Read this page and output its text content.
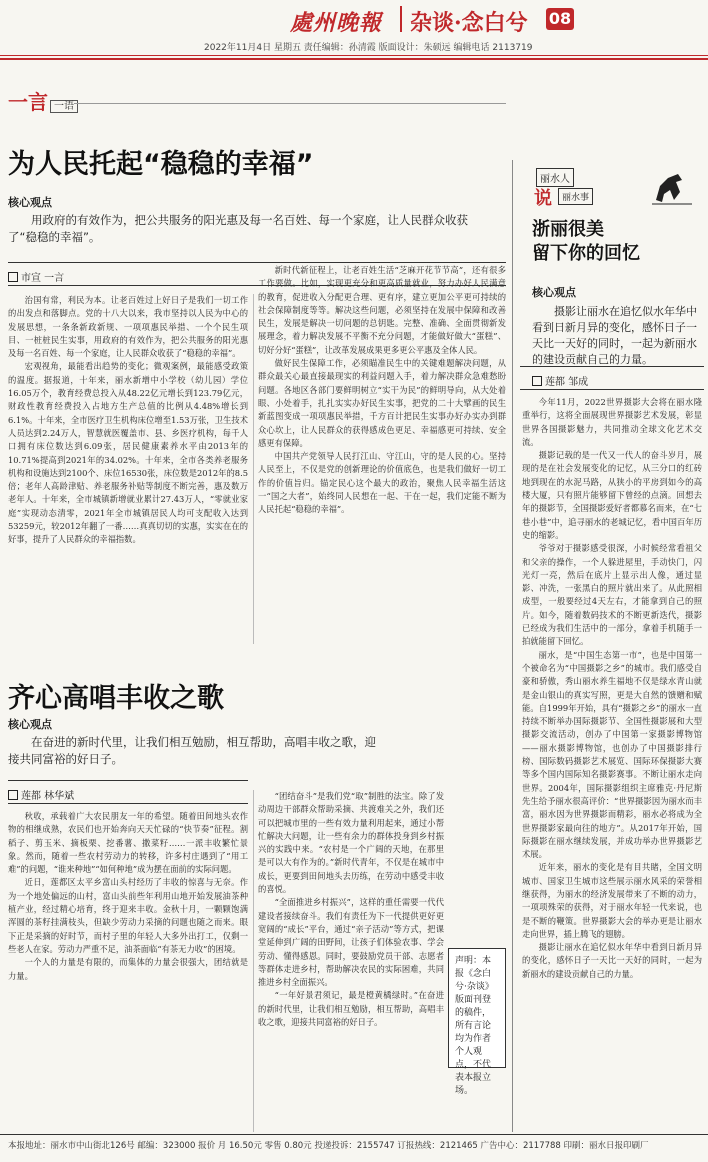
處州晚報 杂谈·念白兮 08
2022年11月4日 星期五 责任编辑：孙清霞 版面设计：朱硕远 编辑电话 2113719
一言 一语
为人民托起“稳稳的幸福”
核心观点
用政府的有效作为，把公共服务的阳光惠及每一名百姓、每一个家庭，让人民群众收获了“稳稳的幸福”。
市宣 一言

治国有常，利民为本。让老百姓过上好日子是我们一切工作的出发点和落脚点。党的十八大以来，我市坚持以人民为中心的发展思想，一条条新政新规、一项项惠民举措、一个个民生项目、一桩桩民生实事，用政府的有效作为，把公共服务的阳光惠及每一名百姓、每一个家庭，让人民群众收获了“稳稳的幸福”。

宏观视角，最能看出趋势的变化；微观案例，最能感受政策的温度。据报道，十年来，丽水新增中小学校（幼儿园）学位16.05万个，教育经费总投入从48.22亿元增长到123.79亿元，财政性教育经费投入占地方生产总值的比例从4.48%增长到6.1%。十年来，全市医疗卫生机构床位增至1.53万张，卫生技术人员达到2.24万人，智慧就医覆盖市、县、乡医疗机构，每千人口拥有床位数达到6.09张，居民健康素养水平由2013年的10.71%提高到2021年的34.02%。十年来，全市各类养老服务机构和设施达到2100个、床位16530张，床位数是2012年的8.5倍；老年人高龄津贴、养老服务补贴等制度不断完善，惠及数万老年人。十年来，全市城镇新增就业累计27.43万人，“零就业家庭”实现动态清零，2021年全市城镇居民人均可支配收入达到53259元，较2012年翻了一番……真真切切的实惠，实实在在的好事，提升了人民群众的幸福指数。

新时代新征程上，让老百姓生活“芝麻开花节节高”，还有很多工作要做。比如，实现更充分和更高质量就业，努力办好人民满意的教育，促进收入分配更合理、更有序，建立更加公平更可持续的社会保障制度等等。解决这些问题，必须坚持在发展中保障和改善民生，发展是解决一切问题的总钥匙。完整、准确、全面贯彻新发展理念，着力解决发展不平衡不充分问题，才能做好做大“蛋糕”、切好分好“蛋糕”，让改革发展成果更多更公平惠及全体人民。

做好民生保障工作，必须瞄准民生中的关键难题解决问题，从群众最关心最直接最现实的利益问题入手，着力解决群众急难愁盼问题。各地区各部门要鲜明树立“实干为民”的鲜明导向，从大处着眼、小处着手，扎扎实实办好民生实事，把党的二十大擘画的民生新蓝图变成一项项惠民举措，千方百计把民生实事办好办实办到群众心坎上，让人民群众的获得感成色更足、幸福感更可持续、安全感更有保障。

中国共产党领导人民打江山、守江山，守的是人民的心。坚持人民至上，不仅是党的创新理论的价值底色，也是我们做好一切工作的价值旨归。锚定民心这个最大的政治，聚焦人民幸福生活这一“国之大者”，始终同人民想在一起、干在一起，我们定能不断为人民托起“稳稳的幸福”。

齐心高唱丰收之歌
核心观点
在奋进的新时代里，让我们相互勉励，相互帮助，高唱丰收之歌，迎接共同富裕的好日子。
莲都 林华斌

秋收，承载着广大农民朋友一年的希望。随着田间地头农作物的相继成熟，农民们也开始奔向天天忙碌的“快节奏”征程。割稻子、剪玉米、摘板栗、挖番薯、撒菜籽……一派丰收繁忙景象。然而，随着一些农村劳动力的转移，许多村庄遇到了“用工难”的问题，“谁来种地”“如何种地”成为摆在面前的实际问题。

近日，莲都区太平乡富山头村经历了丰收的惊喜与无奈。作为一个地处偏远的山村，富山头前些年利用山地开始发展油茶种植产业，经过精心培育，终于迎来丰收。金秋十月，一颗颗饱满浑圆的茶籽挂满枝头，但缺少劳动力采摘的问题也随之而来。眼下正是采摘的好时节，而村子里的年轻人大多外出打工，仅剩一些老人在家。劳动力严重不足，油茶面临“有茶无力收”的困境。

一个人的力量是有限的，而集体的力量会很强大，团结就是力量。

“团结奋斗”是我们党“取”制胜的法宝。除了发动周边干部群众帮助采摘、共渡难关之外，我们还可以把城市里的一些有效力量利用起来，通过小帮忙解决大问题，让一些有余力的群体投身到乡村振兴的实践中来。“农村是一个广阔的天地，在那里是可以大有作为的。”新时代青年，不仅是在城市中成长，更要到田间地头去历练，在劳动中感受丰收的喜悦。

“全面推进乡村振兴”，这样的重任需要一代代建设者接续奋斗。我们有责任为下一代提供更好更宽阔的“成长”平台，通过“亲子活动”等方式，把课堂延伸到广阔的田野间，让孩子们体验农事、学会劳动、懂得感恩。同时，要鼓励党员干部、志愿者等群体走进乡村，帮助解决农民的实际困难，共同推进乡村全面振兴。

“一年好景君须记，最是橙黄橘绿时。”在奋进的新时代里，让我们相互勉励，相互帮助，高唱丰收之歌，迎接共同富裕的好日子。

声明：本报《念白兮·杂谈》版面刊登的稿件，所有言论均为作者个人观点，不代表本报立场。
丽水人
说	丽水事
浙丽很美
留下你的回忆
核心观点
摄影让丽水在追忆似水年华中看到日新月异的变化，感怀日子一天比一天好的同时，一起为新丽水的建设贡献自己的力量。
莲都 邹成

今年11月，2022世界摄影大会将在丽水隆重举行，这将全面展现世界摄影艺术发展，彰显世界各国摄影魅力，共同推动全球文化艺术交流。

摄影记载的是一代又一代人的奋斗岁月，展现的是在社会发展变化的记忆，从三分口的红砖地到现在的水泥马路，从狭小的平房到如今的高楼大厦，只有照片能够留下曾经的点滴。回想去年的摄影节，全国摄影爱好者都慕名而来，在“七巷小巷”中，追寻丽水的老城记忆，看中国百年历史的缩影。

爷爷对于摄影感受很深，小时候经常看祖父和父亲的操作，一个人躲进屋里，手动快门，闪光灯一亮，然后在底片上显示出人像，通过显影、冲洗，一张黑白的照片就出来了。从此照相成型，一般要经过4天左右，才能拿到自己的照片。如今，随着数码技术的不断更新迭代，摄影已经成为我们生活中的一部分，拿着手机随手一拍就能留下回忆。

丽水，是“中国生态第一市”，也是中国第一个被命名为“中国摄影之乡”的城市。我们感受自豪和骄傲，秀山丽水养生福地不仅是绿水青山就是金山银山的真实写照，更是大自然的馈赠和赋能。自1999年开始，具有“摄影之乡”的丽水一直持续不断举办国际摄影节、全国性摄影展和大型摄影交流活动，创办了中国第一家摄影博物馆——丽水摄影博物馆，也创办了中国摄影排行榜、国际数码摄影艺术展览、国际环保摄影大赛等多个国内国际知名摄影赛事。不断让丽水走向世界。2004年，国际摄影组织主席雅克·丹尼斯先生给予丽水很高评价：“世界摄影因为丽水而丰富，丽水因为世界摄影而精彩，丽水必将成为全世界摄影家最向往的地方”。从2017年开始，国际摄影在丽水继续发展，并成功举办世界摄影艺术展。

近年来，丽水的变化是有目共睹，全国文明城市、国家卫生城市这些展示丽水风采的荣誉相继获得，为丽水的经济发展带来了不断的动力，一项项殊荣的获得，对于丽水年轻一代来说，也是不断的鞭策。世界摄影大会的举办更是让丽水走向世界，插上腾飞的翅膀。

摄影让丽水在追忆似水年华中看到日新月异的变化，感怀日子一天比一天好的同时，一起为新丽水的建设贡献自己的力量。

本报地址：丽水市中山街北126号 邮编：323000 报价 月 16.50元 零售 0.80元 投递投诉：2155747 订报热线：2121465 广告中心：2117788 印刷：丽水日报印刷厂
